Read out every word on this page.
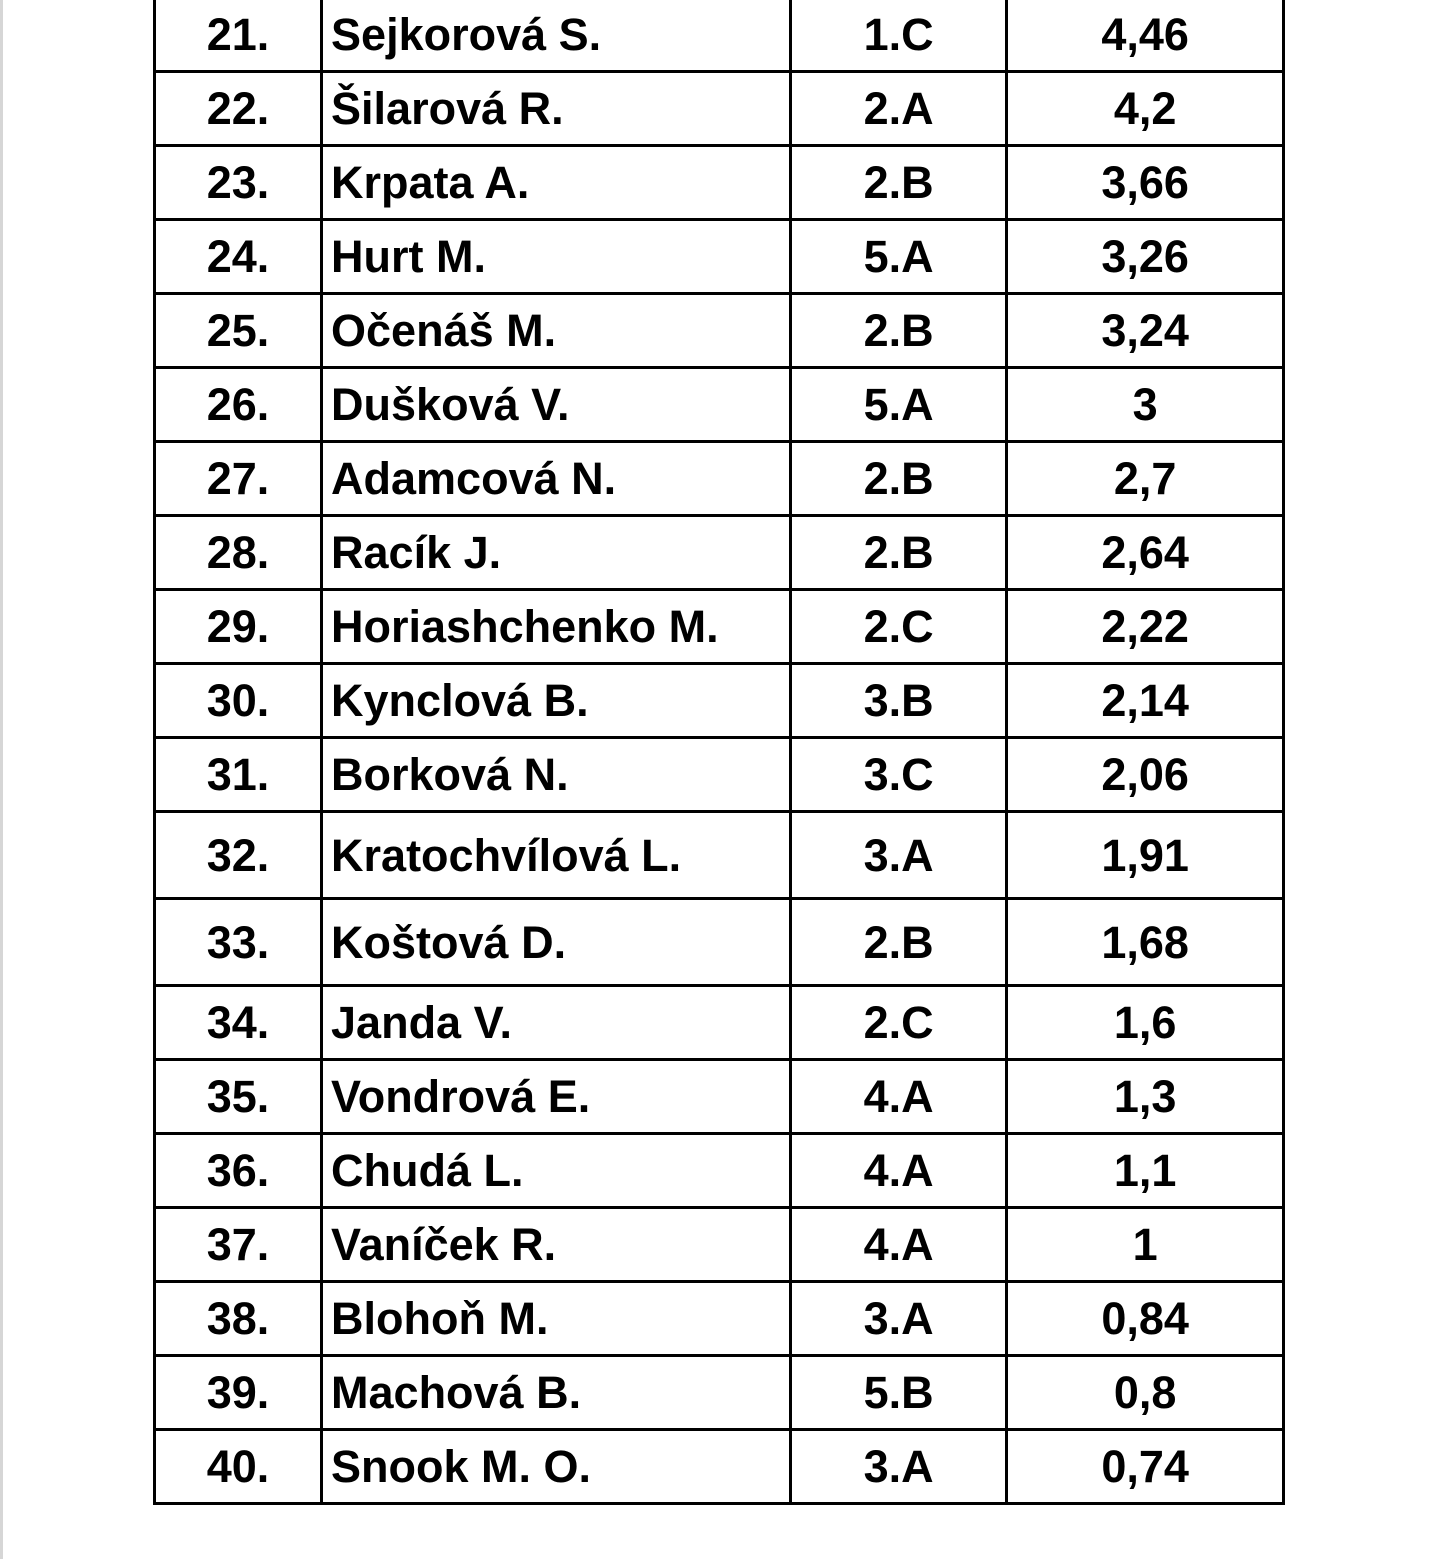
21.	Sejkorová S.	1.C	4,46
22.	Šilarová R.	2.A	4,2
23.	Krpata A.	2.B	3,66
24.	Hurt M.	5.A	3,26
25.	Očenáš M.	2.B	3,24
26.	Dušková V.	5.A	3
27.	Adamcová N.	2.B	2,7
28.	Racík J.	2.B	2,64
29.	Horiashchenko M.	2.C	2,22
30.	Kynclová B.	3.B	2,14
31.	Borková N.	3.C	2,06
32.	Kratochvílová L.	3.A	1,91
33.	Koštová D.	2.B	1,68
34.	Janda V.	2.C	1,6
35.	Vondrová E.	4.A	1,3
36.	Chudá L.	4.A	1,1
37.	Vaníček R.	4.A	1
38.	Blohoň M.	3.A	0,84
39.	Machová B.	5.B	0,8
40.	Snook M. O.	3.A	0,74
